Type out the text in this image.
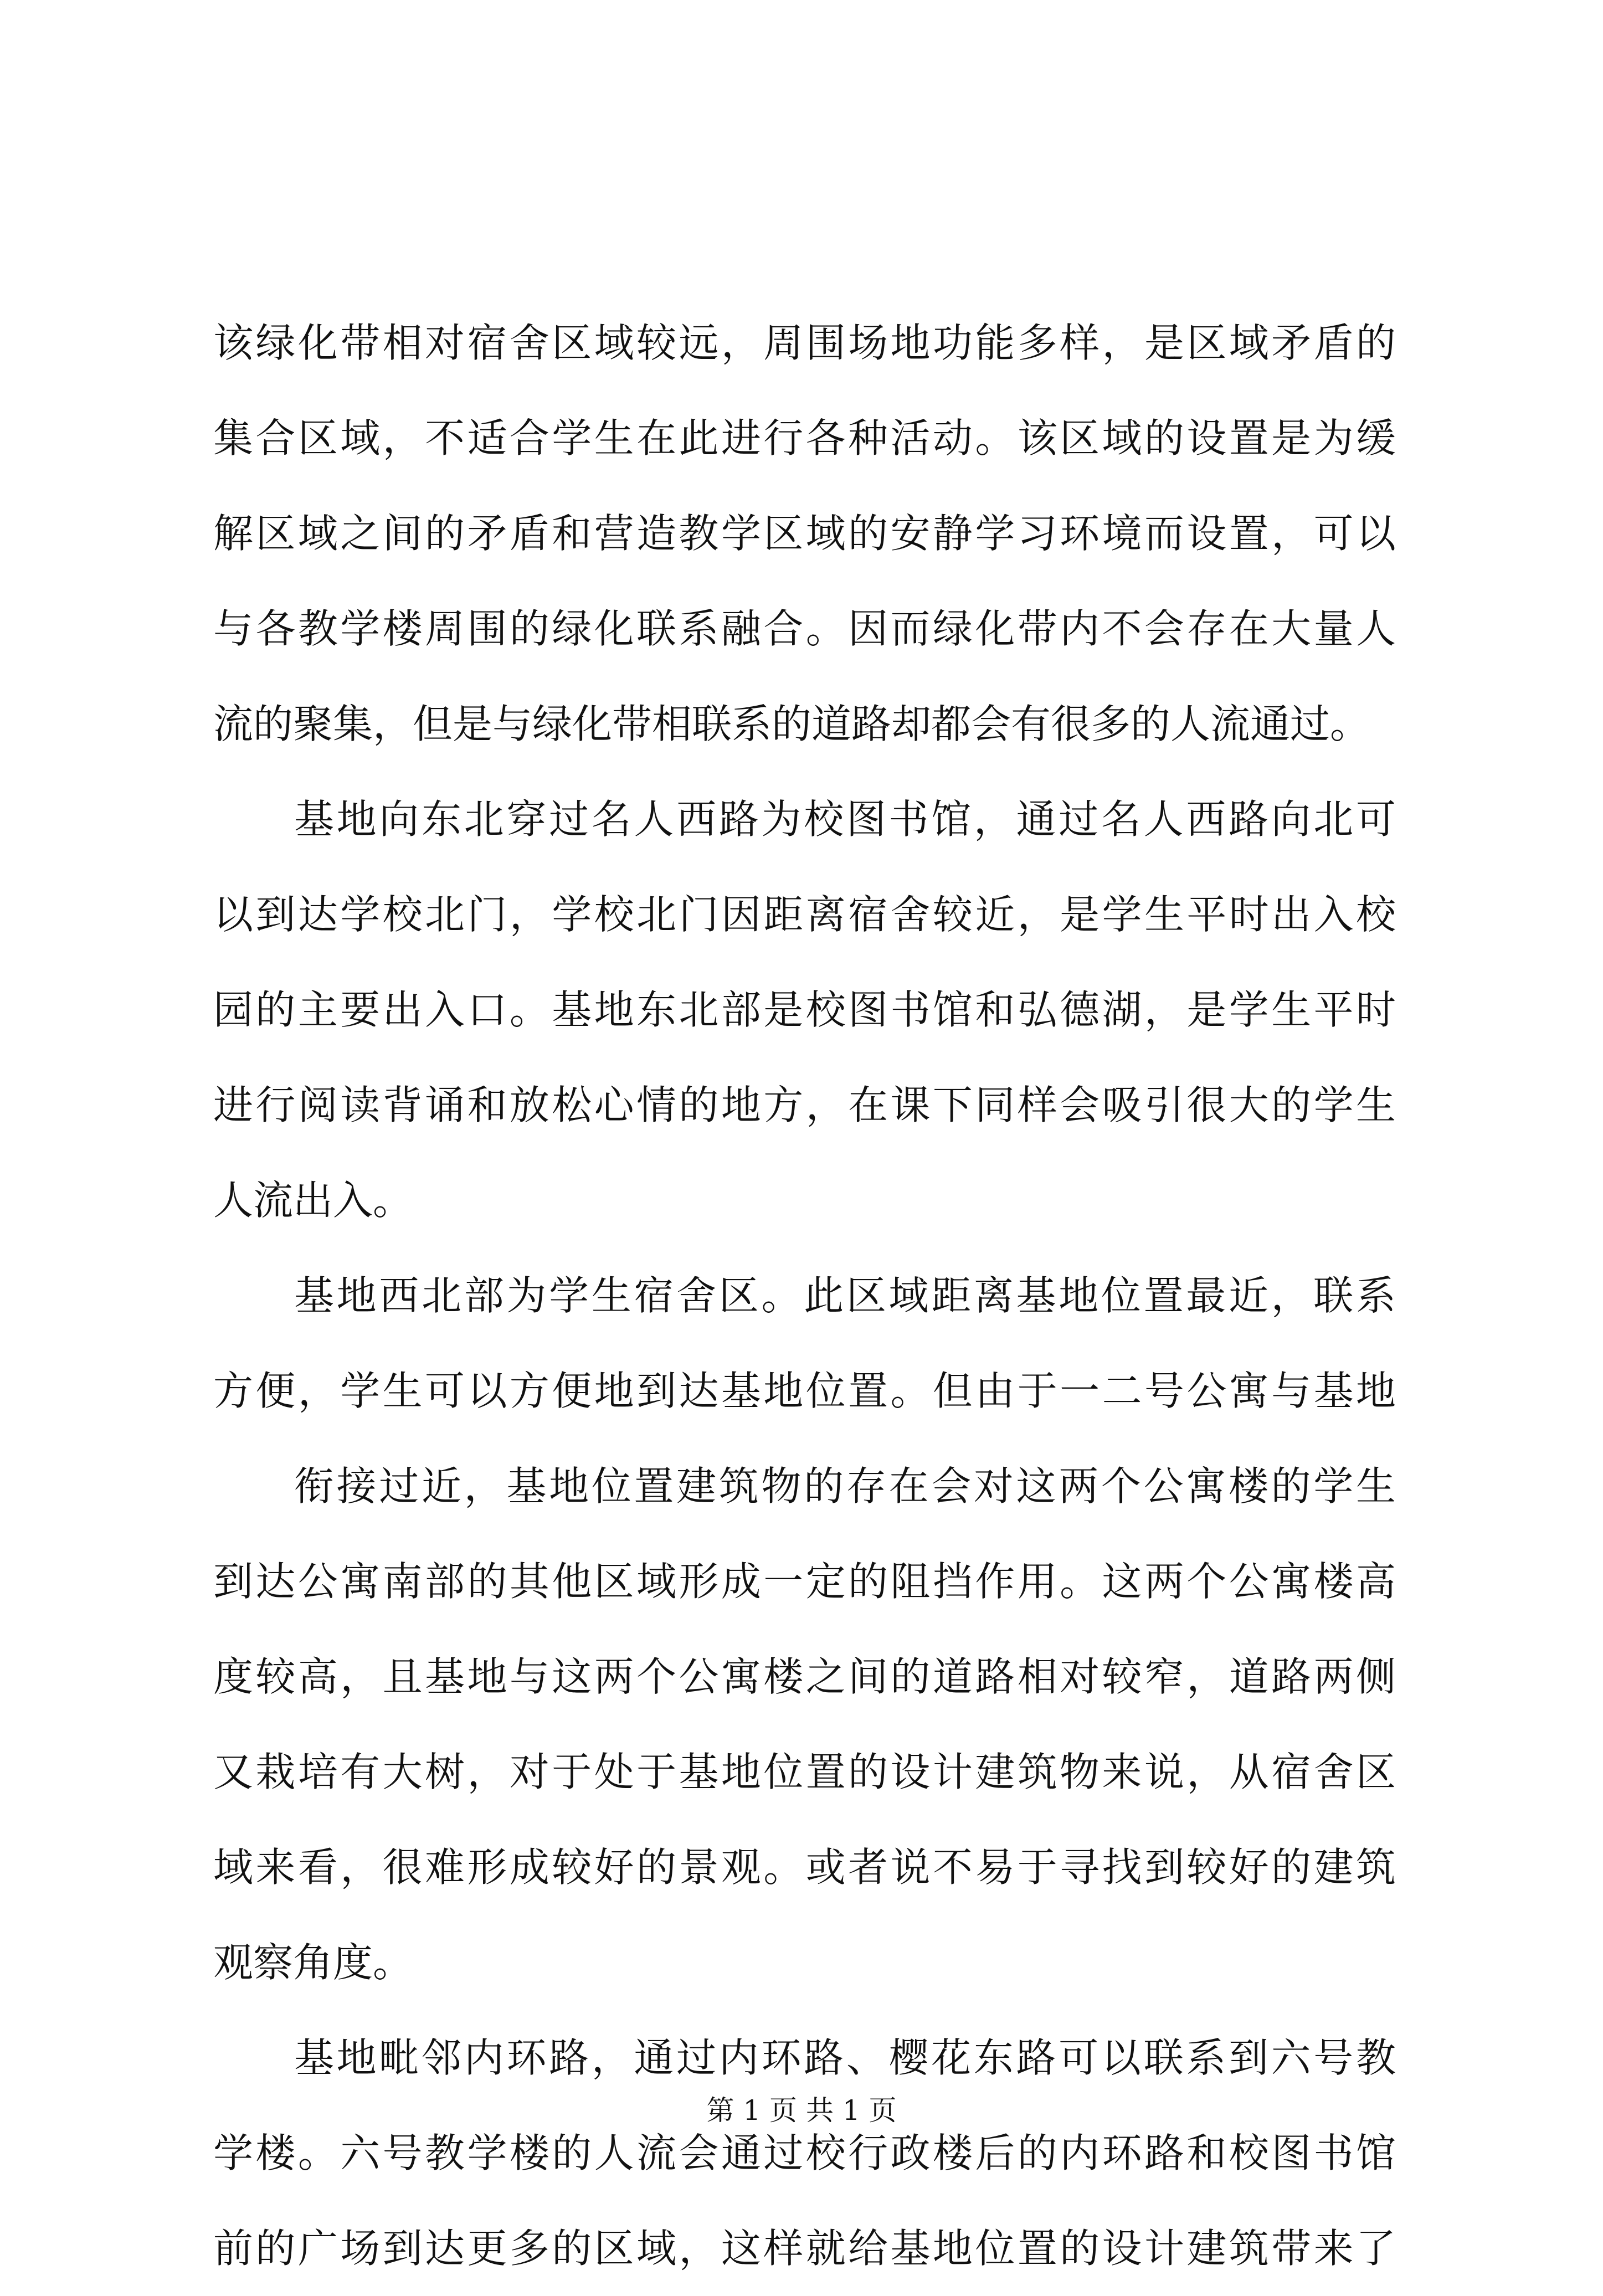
该绿化带相对宿舍区域较远，周围场地功能多样，是区域矛盾的
集合区域，不适合学生在此进行各种活动。该区域的设置是为缓
解区域之间的矛盾和营造教学区域的安静学习环境而设置，可以
与各教学楼周围的绿化联系融合。因而绿化带内不会存在大量人
流的聚集，但是与绿化带相联系的道路却都会有很多的人流通过。
基地向东北穿过名人西路为校图书馆，通过名人西路向北可
以到达学校北门，学校北门因距离宿舍较近，是学生平时出入校
园的主要出入口。基地东北部是校图书馆和弘德湖，是学生平时
进行阅读背诵和放松心情的地方，在课下同样会吸引很大的学生
人流出入。
基地西北部为学生宿舍区。此区域距离基地位置最近，联系
方便，学生可以方便地到达基地位置。但由于一二号公寓与基地
衔接过近，基地位置建筑物的存在会对这两个公寓楼的学生
到达公寓南部的其他区域形成一定的阻挡作用。这两个公寓楼高
度较高，且基地与这两个公寓楼之间的道路相对较窄，道路两侧
又栽培有大树，对于处于基地位置的设计建筑物来说，从宿舍区
域来看，很难形成较好的景观。或者说不易于寻找到较好的建筑
观察角度。
基地毗邻内环路，通过内环路、樱花东路可以联系到六号教
学楼。六号教学楼的人流会通过校行政楼后的内环路和校图书馆
前的广场到达更多的区域，这样就给基地位置的设计建筑带来了
第 1 页 共 1 页
